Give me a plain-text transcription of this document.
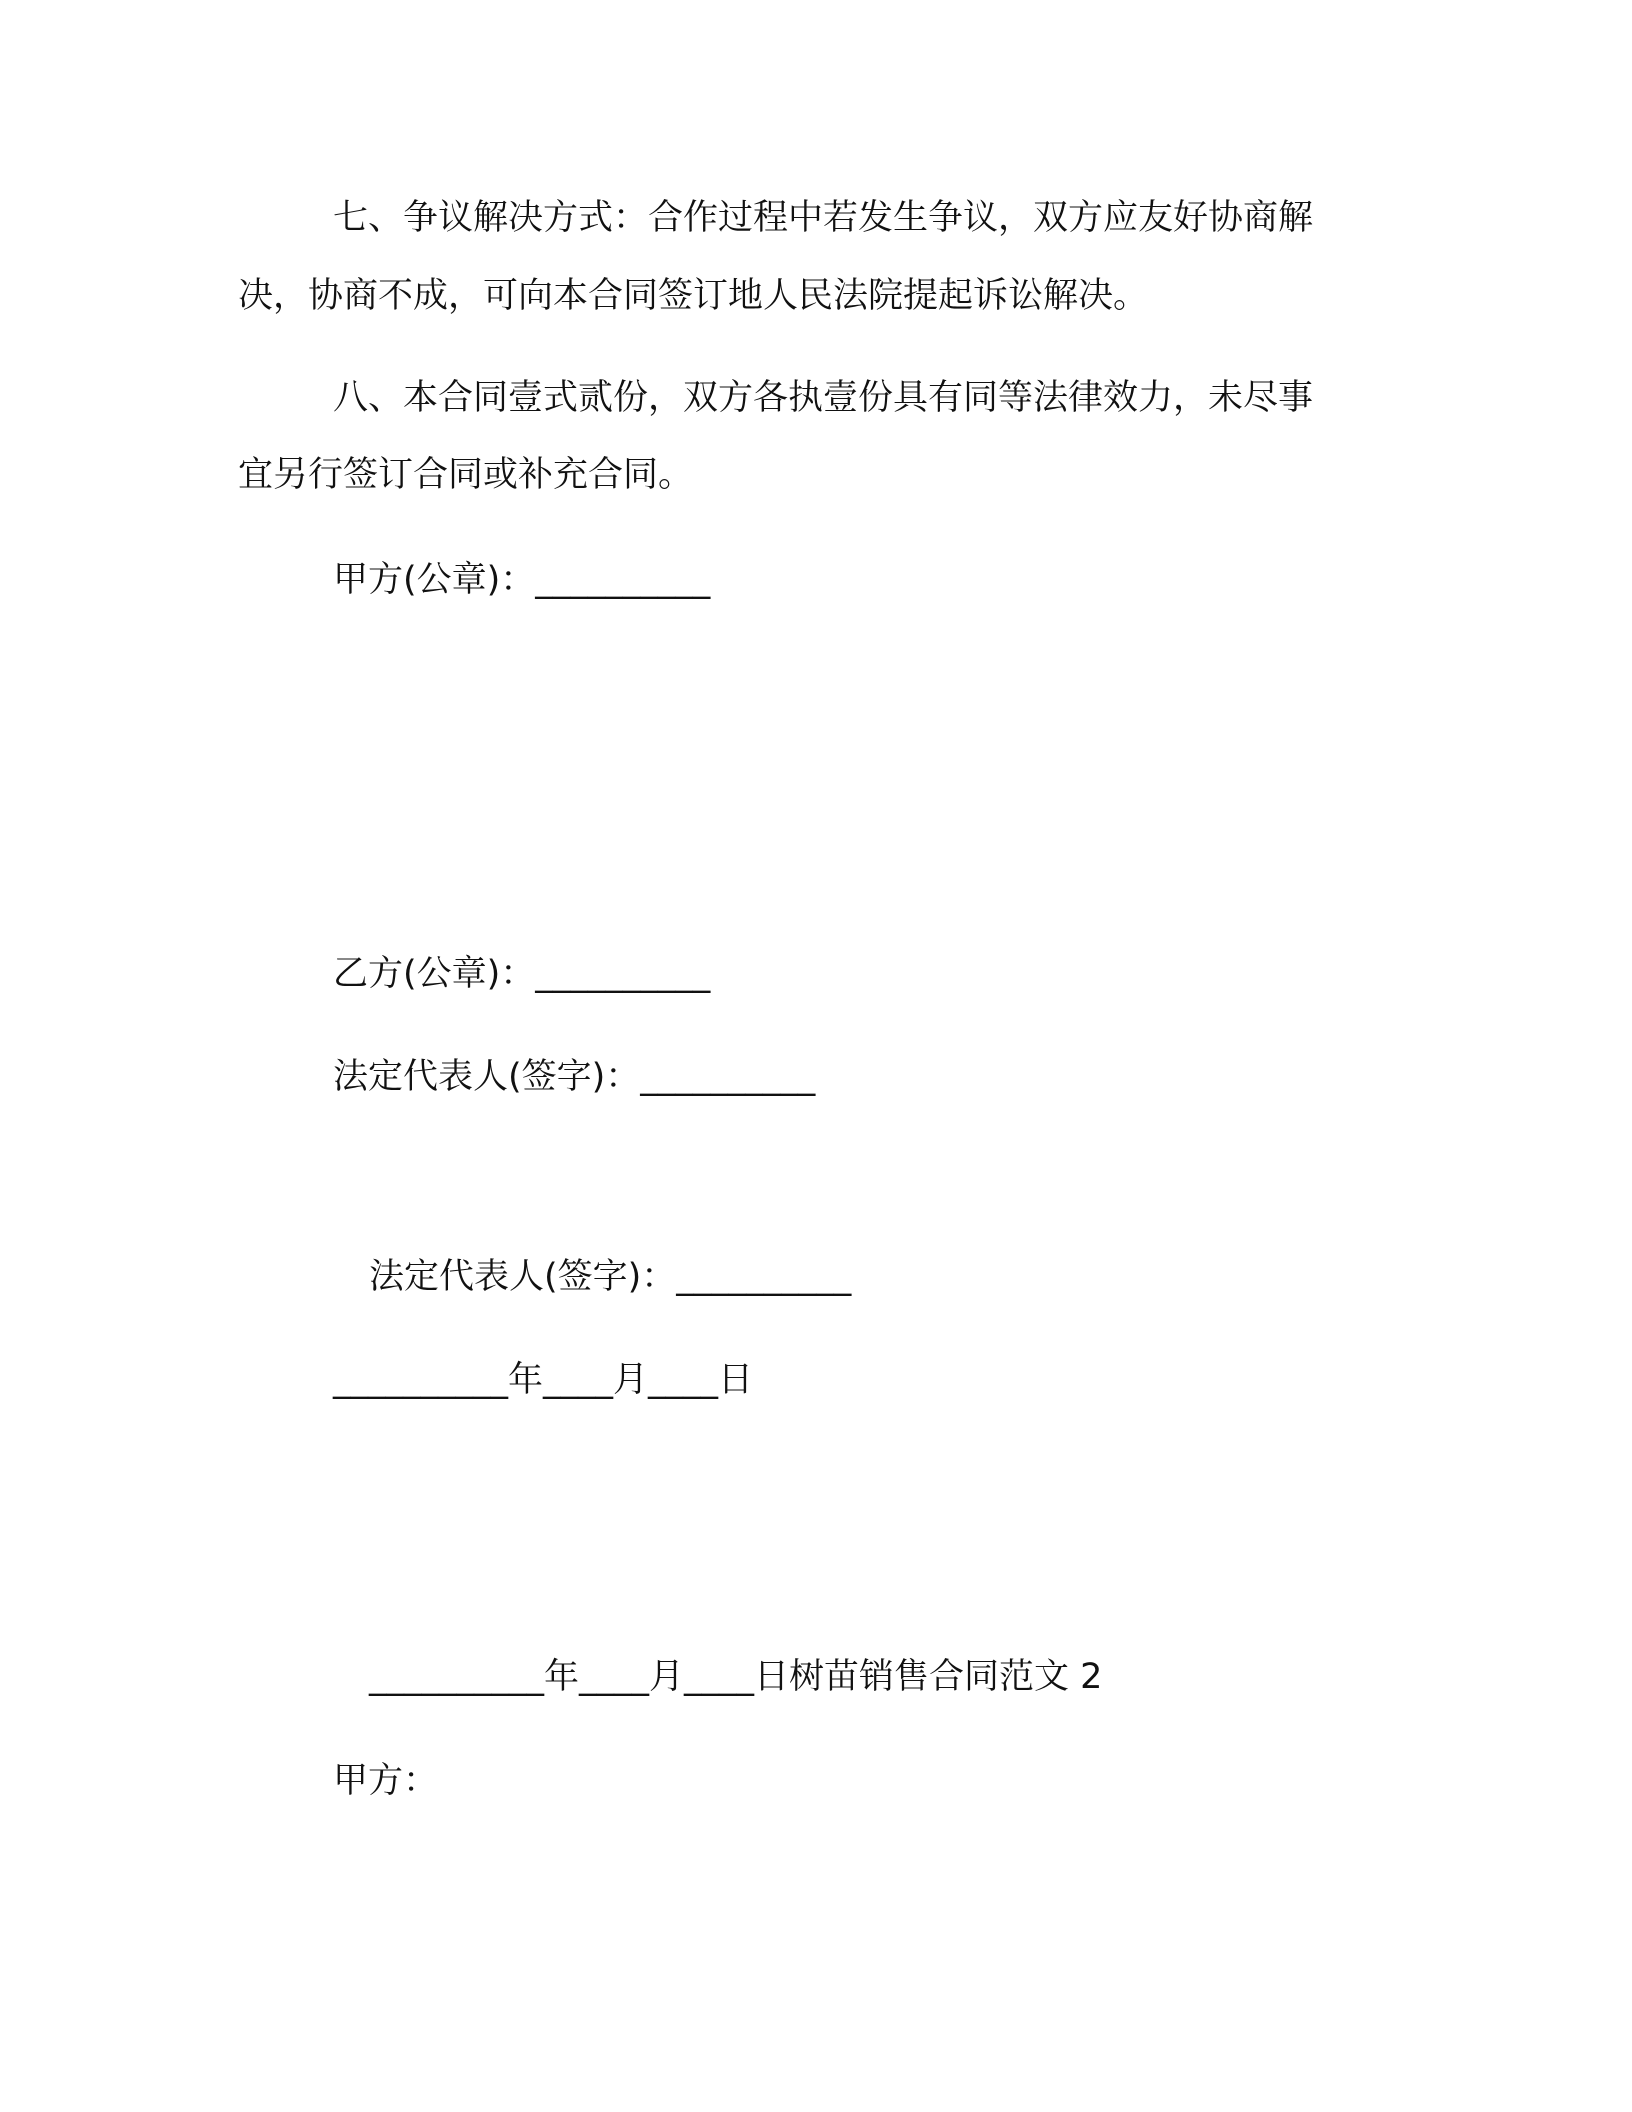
七、争议解决方式：合作过程中若发生争议，双方应友好协商解
决，协商不成，可向本合同签订地人民法院提起诉讼解决。
八、本合同壹式贰份，双方各执壹份具有同等法律效力，未尽事
宜另行签订合同或补充合同。
甲方(公章)：__________
乙方(公章)：__________
法定代表人(签字)：__________
法定代表人(签字)：__________
__________年____月____日
__________年____月____日树苗销售合同范文 2
甲方：
